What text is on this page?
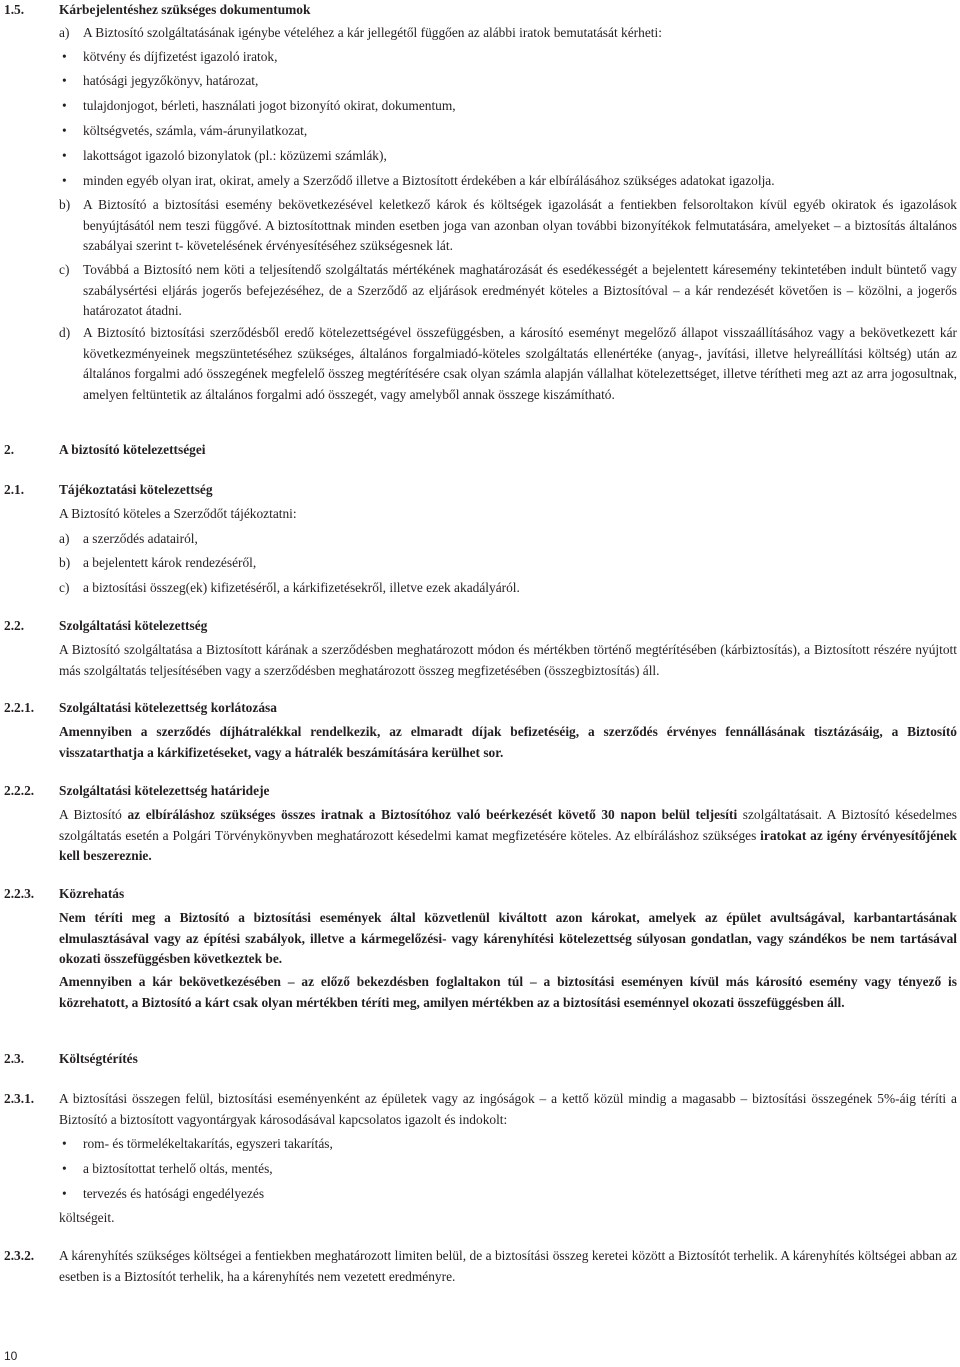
1.5.	Kárbejelentéshez szükséges dokumentumok
a) A Biztosító szolgáltatásának igénybe vételéhez a kár jellegétől függően az alábbi iratok bemutatását kérheti:
• kötvény és díjfizetést igazoló iratok,
• hatósági jegyzőkönyv, határozat,
• tulajdonjogot, bérleti, használati jogot bizonyító okirat, dokumentum,
• költségvetés, számla, vám-árunyilatkozat,
• lakottságot igazoló bizonylatok (pl.: közüzemi számlák),
• minden egyéb olyan irat, okirat, amely a Szerződő illetve a Biztosított érdekében a kár elbírálásához szükséges adatokat igazolja.
b) A Biztosító a biztosítási esemény bekövetkezésével keletkező károk és költségek igazolását a fentiekben felsoroltakon kívül egyéb okiratok és igazolások benyújtásától nem teszi függővé. A biztosítottnak minden esetben joga van azonban olyan további bizonyítékok felmutatására, amelyeket – a biztosítás általános szabályai szerint t- követelésének érvényesítéséhez szükségesnek lát.
c) Továbbá a Biztosító nem köti a teljesítendő szolgáltatás mértékének maghatározását és esedékességét a bejelentett káresemény tekintetében indult büntető vagy szabálysértési eljárás jogerős befejezéséhez, de a Szerződő az eljárások eredményét köteles a Biztosítóval – a kár rendezését követően is – közölni, a jogerős határozatot átadni.
d) A Biztosító biztosítási szerződésből eredő kötelezettségével összefüggésben, a károsító eseményt megelőző állapot visszaállításához vagy a bekövetkezett kár következményeinek megszüntetéséhez szükséges, általános forgalmiadó-köteles szolgáltatás ellenértéke (anyag-, javítási, illetve helyreállítási költség) után az általános forgalmi adó összegének megfelelő összeg megtérítésére csak olyan számla alapján vállalhat kötelezettséget, illetve térítheti meg azt az arra jogosultnak, amelyen feltüntetik az általános forgalmi adó összegét, vagy amelyből annak összege kiszámítható.
2.	A biztosító kötelezettségei
2.1.	Tájékoztatási kötelezettség
A Biztosító köteles a Szerződőt tájékoztatni:
a) a szerződés adatairól,
b) a bejelentett károk rendezéséről,
c) a biztosítási összeg(ek) kifizetéséről, a kárkifizetésekről, illetve ezek akadályáról.
2.2.	Szolgáltatási kötelezettség
A Biztosító szolgáltatása a Biztosított kárának a szerződésben meghatározott módon és mértékben történő megtérítésében (kárbiztosítás), a Biztosított részére nyújtott más szolgáltatás teljesítésében vagy a szerződésben meghatározott összeg megfizetésében (összegbiztosítás) áll.
2.2.1. Szolgáltatási kötelezettség korlátozása
Amennyiben a szerződés díjhátralékkal rendelkezik, az elmaradt díjak befizetéséig, a szerződés érvényes fennállásának tisztázásáig, a Biztosító visszatarthatja a kárkifizetéseket, vagy a hátralék beszámítására kerülhet sor.
2.2.2. Szolgáltatási kötelezettség határideje
A Biztosító az elbíráláshoz szükséges összes iratnak a Biztosítóhoz való beérkezését követő 30 napon belül teljesíti szolgáltatásait. A Biztosító késedelmes szolgáltatás esetén a Polgári Törvénykönyvben meghatározott késedelmi kamat megfizetésére köteles. Az elbíráláshoz szükséges iratokat az igény érvényesítőjének kell beszereznie.
2.2.3. Közrehatás
Nem téríti meg a Biztosító a biztosítási események által közvetlenül kiváltott azon károkat, amelyek az épület avultságával, karbantartásának elmulasztásával vagy az építési szabályok, illetve a kármegelőzési- vagy kárenyhítési kötelezettség súlyosan gondatlan, vagy szándékos be nem tartásával okozati összefüggésben következtek be.
Amennyiben a kár bekövetkezésében – az előző bekezdésben foglaltakon túl – a biztosítási eseményen kívül más károsító esemény vagy tényező is közrehatott, a Biztosító a kárt csak olyan mértékben téríti meg, amilyen mértékben az a biztosítási eseménnyel okozati összefüggésben áll.
2.3.	Költségtérítés
2.3.1. A biztosítási összegen felül, biztosítási eseményenként az épületek vagy az ingóságok – a kettő közül mindig a magasabb – biztosítási összegének 5%-áig téríti a Biztosító a biztosított vagyontárgyak károsodásával kapcsolatos igazolt és indokolt:
• rom- és törmelékeltakarítás, egyszeri takarítás,
• a biztosítottat terhelő oltás, mentés,
• tervezés és hatósági engedélyezés
költségeit.
2.3.2. A kárenyhítés szükséges költségei a fentiekben meghatározott limiten belül, de a biztosítási összeg keretei között a Biztosítót terhelik. A kárenyhítés költségei abban az esetben is a Biztosítót terhelik, ha a kárenyhítés nem vezetett eredményre.
10
